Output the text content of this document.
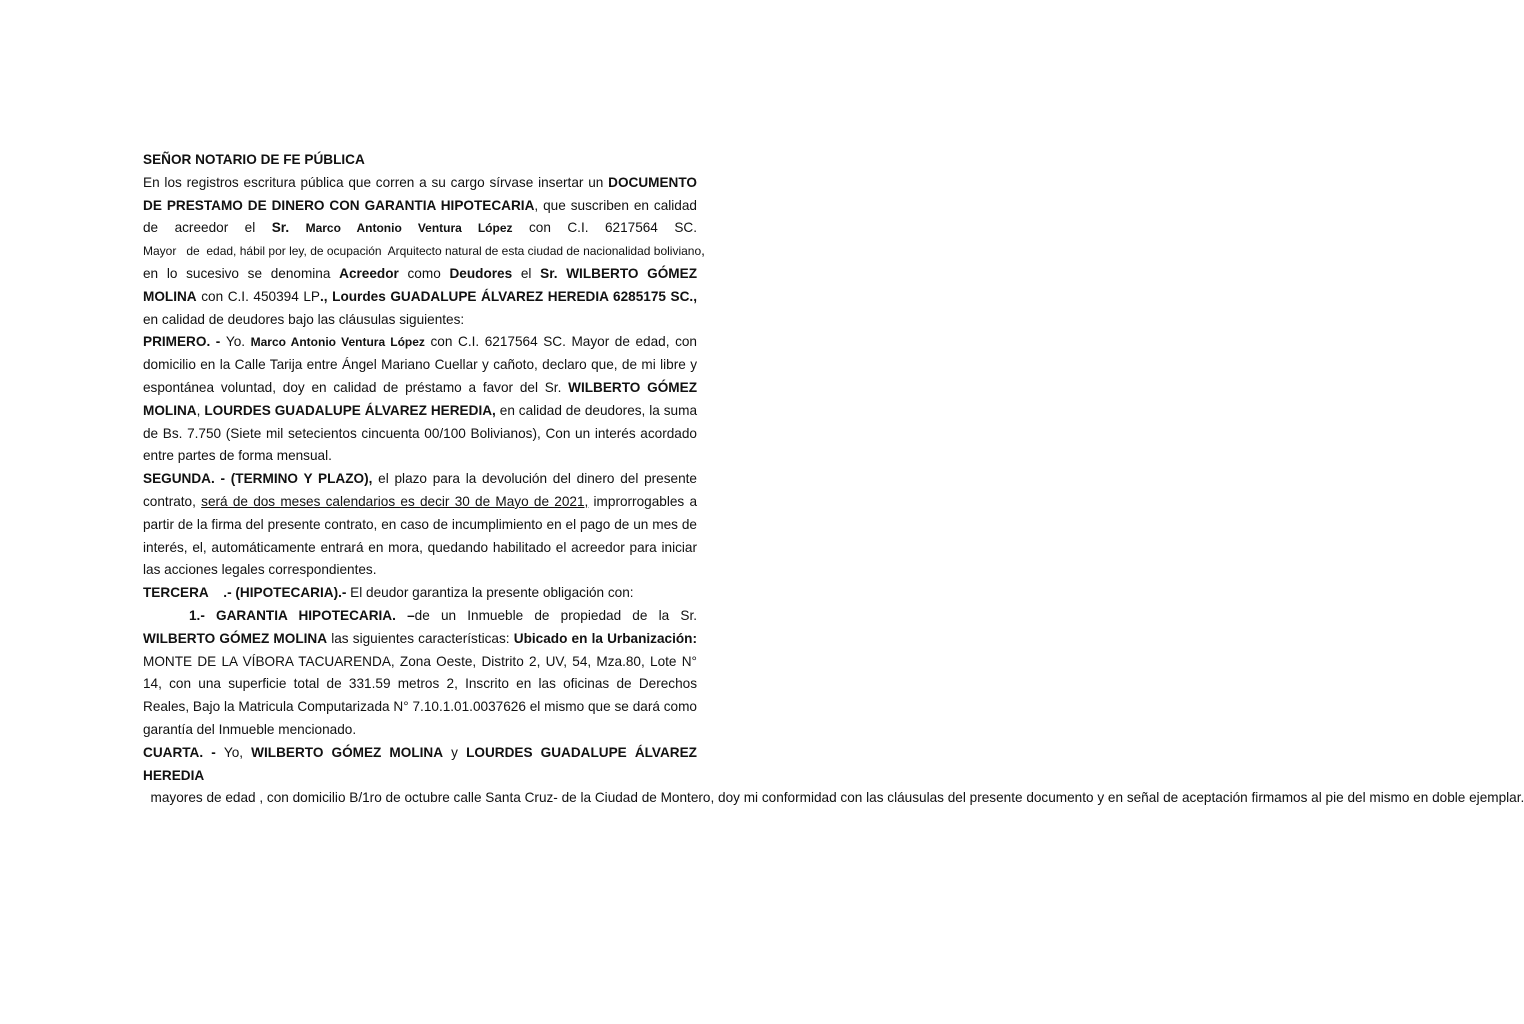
SEÑOR NOTARIO DE FE PÚBLICA

En los registros escritura pública que corren a su cargo sírvase insertar un DOCUMENTO DE PRESTAMO DE DINERO CON GARANTIA HIPOTECARIA, que suscriben en calidad de acreedor el Sr. Marco Antonio Ventura López con C.I. 6217564 SC. Mayor   de  edad, hábil por ley, de ocupación  Arquitecto natural de esta ciudad de nacionalidad boliviano, en lo sucesivo se denomina Acreedor como Deudores el Sr. WILBERTO GÓMEZ MOLINA con C.I. 450394 LP., Lourdes GUADALUPE ÁLVAREZ HEREDIA 6285175 SC., en calidad de deudores bajo las cláusulas siguientes:

PRIMERO. - Yo. Marco Antonio Ventura López con C.I. 6217564 SC. Mayor de edad, con domicilio en la Calle Tarija entre Ángel Mariano Cuellar y cañoto, declaro que, de mi libre y espontánea voluntad, doy en calidad de préstamo a favor del Sr. WILBERTO GÓMEZ MOLINA, LOURDES GUADALUPE ÁLVAREZ HEREDIA, en calidad de deudores, la suma de Bs. 7.750 (Siete mil setecientos cincuenta 00/100 Bolivianos), Con un interés acordado entre partes de forma mensual.

SEGUNDA. - (TERMINO Y PLAZO), el plazo para la devolución del dinero del presente contrato, será de dos meses calendarios es decir 30 de Mayo de 2021, improrrogables a partir de la firma del presente contrato, en caso de incumplimiento en el pago de un mes de interés, el, automáticamente entrará en mora, quedando habilitado el acreedor para iniciar las acciones legales correspondientes.

TERCERA    .- (HIPOTECARIA).- El deudor garantiza la presente obligación con:

1.- GARANTIA HIPOTECARIA. –de un Inmueble de propiedad de la Sr. WILBERTO GÓMEZ MOLINA las siguientes características: Ubicado en la Urbanización: MONTE DE LA VÍBORA TACUARENDA, Zona Oeste, Distrito 2, UV, 54, Mza.80, Lote N° 14, con una superficie total de 331.59 metros 2, Inscrito en las oficinas de Derechos Reales, Bajo la Matricula Computarizada N° 7.10.1.01.0037626 el mismo que se dará como garantía del Inmueble mencionado.

CUARTA. - Yo, WILBERTO GÓMEZ MOLINA y LOURDES GUADALUPE ÁLVAREZ HEREDIA  mayores de edad , con domicilio B/1ro de octubre calle Santa Cruz- de la Ciudad de Montero, doy mi conformidad con las cláusulas del presente documento y en señal de aceptación firmamos al pie del mismo en doble ejemplar.
